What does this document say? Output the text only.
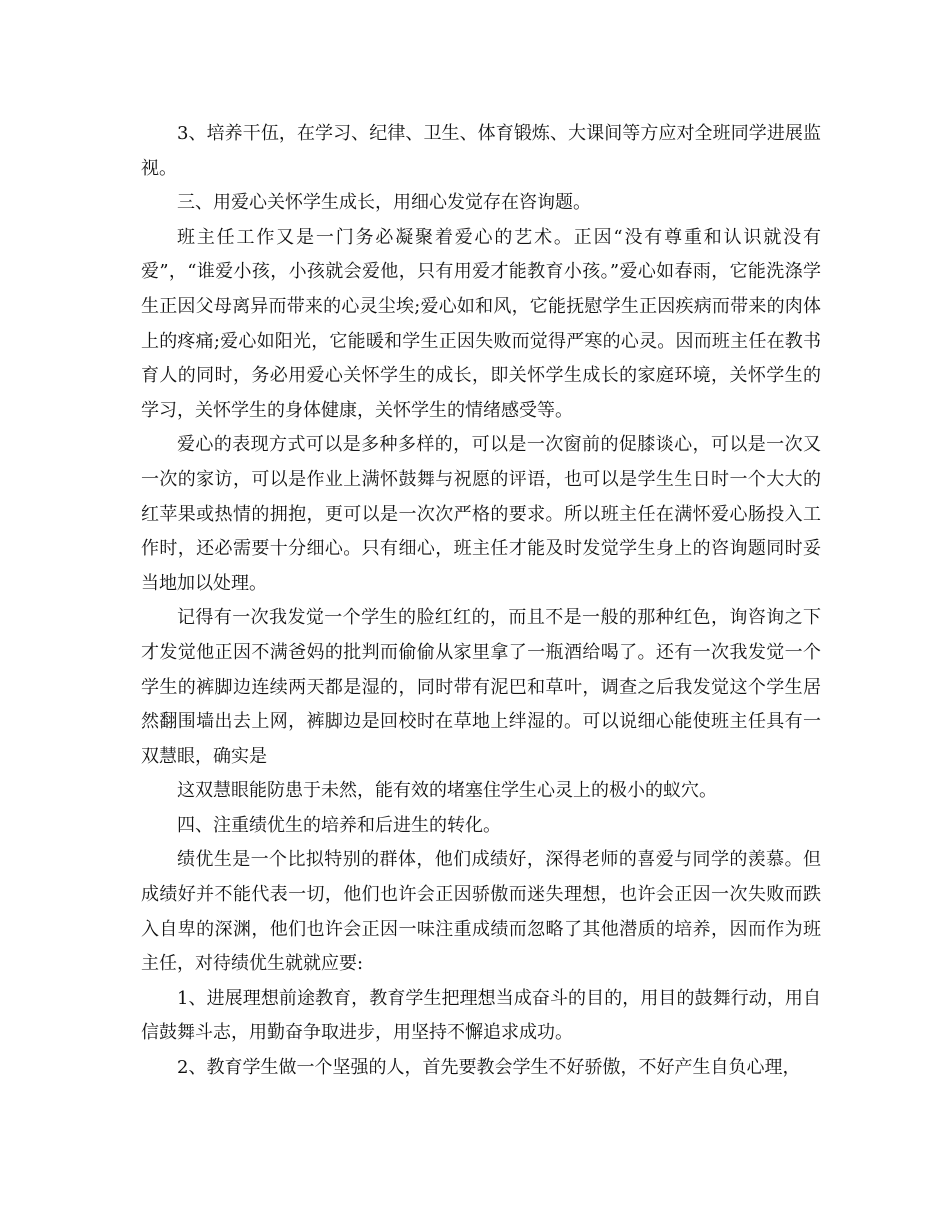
3、培养干伍，在学习、纪律、卫生、体育锻炼、大课间等方应对全班同学进展监视。

三、用爱心关怀学生成长，用细心发觉存在咨询题。

班主任工作又是一门务必凝聚着爱心的艺术。正因“没有尊重和认识就没有爱”，“谁爱小孩，小孩就会爱他，只有用爱才能教育小孩。”爱心如春雨，它能洗涤学生正因父母离异而带来的心灵尘埃;爱心如和风，它能抚慰学生正因疾病而带来的肉体上的疼痛;爱心如阳光，它能暖和学生正因失败而觉得严寒的心灵。因而班主任在教书育人的同时，务必用爱心关怀学生的成长，即关怀学生成长的家庭环境，关怀学生的学习，关怀学生的身体健康，关怀学生的情绪感受等。

爱心的表现方式可以是多种多样的，可以是一次窗前的促膝谈心，可以是一次又一次的家访，可以是作业上满怀鼓舞与祝愿的评语，也可以是学生生日时一个大大的红苹果或热情的拥抱，更可以是一次次严格的要求。所以班主任在满怀爱心肠投入工作时，还必需要十分细心。只有细心，班主任才能及时发觉学生身上的咨询题同时妥当地加以处理。

记得有一次我发觉一个学生的脸红红的，而且不是一般的那种红色，询咨询之下才发觉他正因不满爸妈的批判而偷偷从家里拿了一瓶酒给喝了。还有一次我发觉一个学生的裤脚边连续两天都是湿的，同时带有泥巴和草叶，调查之后我发觉这个学生居然翻围墙出去上网，裤脚边是回校时在草地上绊湿的。可以说细心能使班主任具有一双慧眼，确实是

这双慧眼能防患于未然，能有效的堵塞住学生心灵上的极小的蚁穴。

四、注重绩优生的培养和后进生的转化。

绩优生是一个比拟特别的群体，他们成绩好，深得老师的喜爱与同学的羡慕。但成绩好并不能代表一切，他们也许会正因骄傲而迷失理想，也许会正因一次失败而跌入自卑的深渊，他们也许会正因一味注重成绩而忽略了其他潜质的培养，因而作为班主任，对待绩优生就就应要:

1、进展理想前途教育，教育学生把理想当成奋斗的目的，用目的鼓舞行动，用自信鼓舞斗志，用勤奋争取进步，用坚持不懈追求成功。

2、教育学生做一个坚强的人，首先要教会学生不好骄傲，不好产生自负心理，
